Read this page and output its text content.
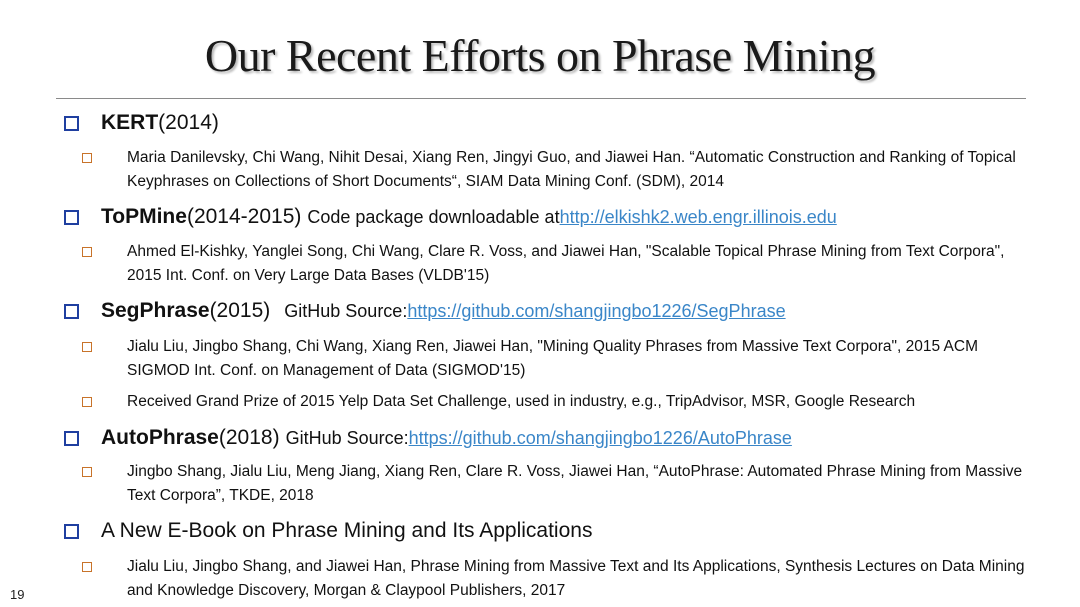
Our Recent Efforts on Phrase Mining
KERT (2014)
Maria Danilevsky, Chi Wang, Nihit Desai, Xiang Ren, Jingyi Guo, and Jiawei Han. “Automatic Construction and Ranking of Topical Keyphrases on Collections of Short Documents“, SIAM Data Mining Conf. (SDM), 2014
ToPMine (2014-2015) Code package downloadable at http://elkishk2.web.engr.illinois.edu
Ahmed El-Kishky, Yanglei Song, Chi Wang, Clare R. Voss, and Jiawei Han, "Scalable Topical Phrase Mining from Text Corpora", 2015 Int. Conf. on Very Large Data Bases (VLDB'15)
SegPhrase (2015) GitHub Source: https://github.com/shangjingbo1226/SegPhrase
Jialu Liu, Jingbo Shang, Chi Wang, Xiang Ren, Jiawei Han, "Mining Quality Phrases from Massive Text Corpora", 2015 ACM SIGMOD Int. Conf. on Management of Data (SIGMOD'15)
Received Grand Prize of 2015 Yelp Data Set Challenge, used in industry, e.g., TripAdvisor, MSR, Google Research
AutoPhrase (2018) GitHub Source: https://github.com/shangjingbo1226/AutoPhrase
Jingbo Shang, Jialu Liu, Meng Jiang, Xiang Ren, Clare R. Voss, Jiawei Han, “AutoPhrase: Automated Phrase Mining from Massive Text Corpora”, TKDE, 2018
A New E-Book on Phrase Mining and Its Applications
Jialu Liu, Jingbo Shang, and Jiawei Han, Phrase Mining from Massive Text and Its Applications, Synthesis Lectures on Data Mining and Knowledge Discovery, Morgan & Claypool Publishers, 2017
19
